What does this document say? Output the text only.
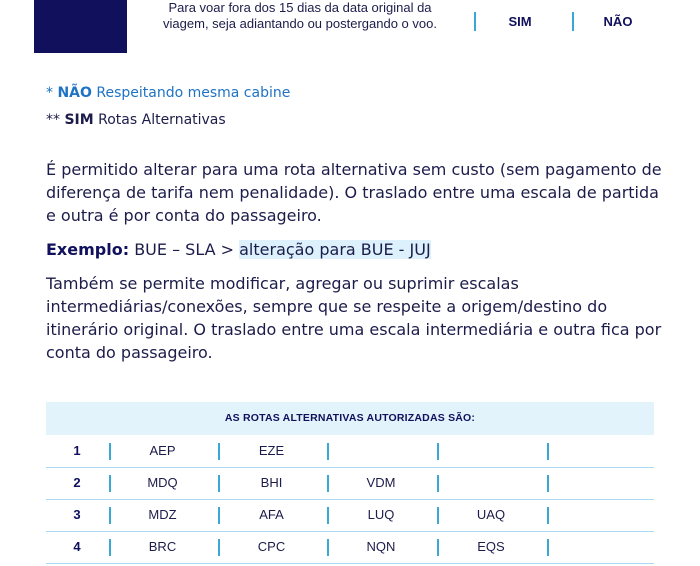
Para voar fora dos 15 dias da data original da
viagem, seja adiantando ou postergando o voo.	SIM	NÃO
* NÃO Respeitando mesma cabine
** SIM Rotas Alternativas
É permitido alterar para uma rota alternativa sem custo (sem pagamento de diferença de tarifa nem penalidade). O traslado entre uma escala de partida e outra é por conta do passageiro.
Exemplo: BUE – SLA > alteração para BUE - JUJ
Também se permite modificar, agregar ou suprimir escalas intermediárias/conexões, sempre que se respeite a origem/destino do itinerário original. O traslado entre uma escala intermediária e outra fica por conta do passageiro.
AS ROTAS ALTERNATIVAS AUTORIZADAS SÃO:
1	AEP	EZE
2	MDQ	BHI	VDM
3	MDZ	AFA	LUQ	UAQ
4	BRC	CPC	NQN	EQS
